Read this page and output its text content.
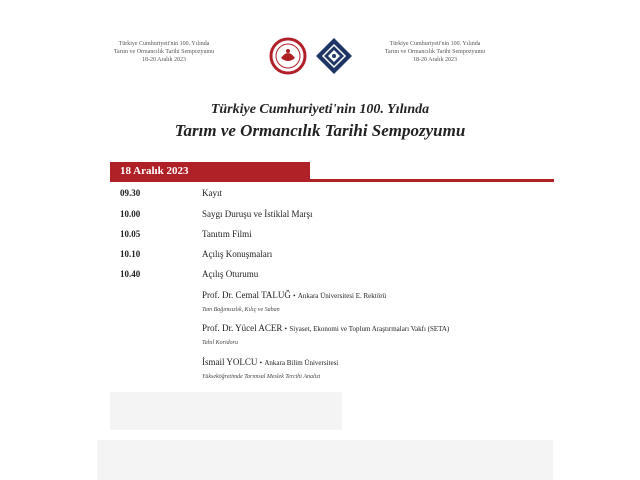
Türkiye Cumhuriyeti'nin 100. Yılında
Tarım ve Ormancılık Tarihi Sempozyumu
18-20 Aralık 2023
Türkiye Cumhuriyeti'nin 100. Yılında
Tarım ve Ormancılık Tarihi Sempozyumu
18-20 Aralık 2023
Türkiye Cumhuriyeti'nin 100. Yılında
Tarım ve Ormancılık Tarihi Sempozyumu
18 Aralık 2023
09.30	Kayıt
10.00	Saygı Duruşu ve İstiklal Marşı
10.05	Tanıtım Filmi
10.10	Açılış Konuşmaları
10.40	Açılış Oturumu
Prof. Dr. Cemal TALUĞ • Ankara Üniversitesi E. Rektörü
Tam Bağımsızlık, Kılıç ve Saban
Prof. Dr. Yücel ACER • Siyaset, Ekonomi ve Toplum Araştırmaları Vakfı (SETA)
Tahıl Koridoru
İsmail YOLCU • Ankara Bilim Üniversitesi
Yükseköğretimde Tarımsal Meslek Tercihi Analizi
